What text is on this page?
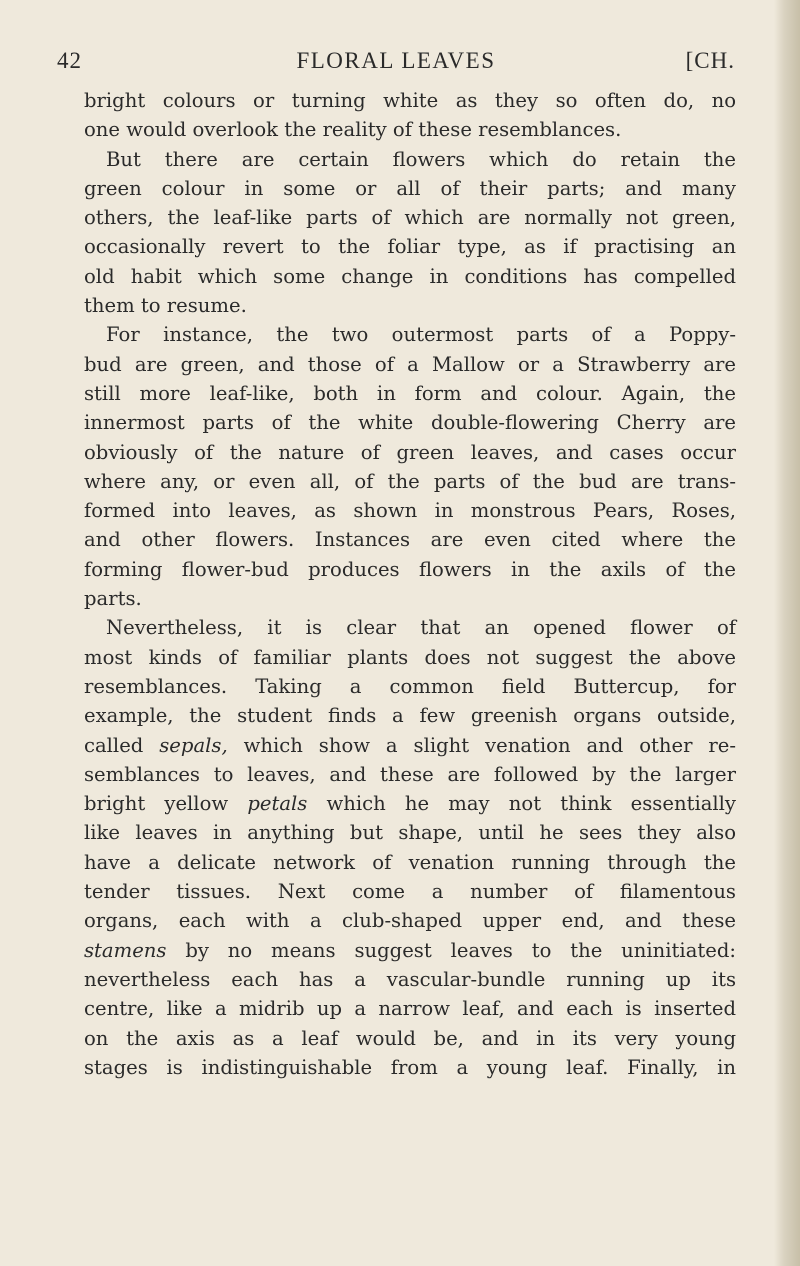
42	FLORAL LEAVES	[CH.
bright colours or turning white as they so often do, no
one would overlook the reality of these resemblances.
But there are certain flowers which do retain the
green colour in some or all of their parts; and many
others, the leaf-like parts of which are normally not green,
occasionally revert to the foliar type, as if practising an
old habit which some change in conditions has compelled
them to resume.
For instance, the two outermost parts of a Poppy-
bud are green, and those of a Mallow or a Strawberry are
still more leaf-like, both in form and colour. Again, the
innermost parts of the white double-flowering Cherry are
obviously of the nature of green leaves, and cases occur
where any, or even all, of the parts of the bud are trans-
formed into leaves, as shown in monstrous Pears, Roses,
and other flowers. Instances are even cited where the
forming flower-bud produces flowers in the axils of the
parts.
Nevertheless, it is clear that an opened flower of
most kinds of familiar plants does not suggest the above
resemblances. Taking a common field Buttercup, for
example, the student finds a few greenish organs outside,
called sepals, which show a slight venation and other re-
semblances to leaves, and these are followed by the larger
bright yellow petals which he may not think essentially
like leaves in anything but shape, until he sees they also
have a delicate network of venation running through the
tender tissues. Next come a number of filamentous
organs, each with a club-shaped upper end, and these
stamens by no means suggest leaves to the uninitiated:
nevertheless each has a vascular-bundle running up its
centre, like a midrib up a narrow leaf, and each is inserted
on the axis as a leaf would be, and in its very young
stages is indistinguishable from a young leaf. Finally, in
